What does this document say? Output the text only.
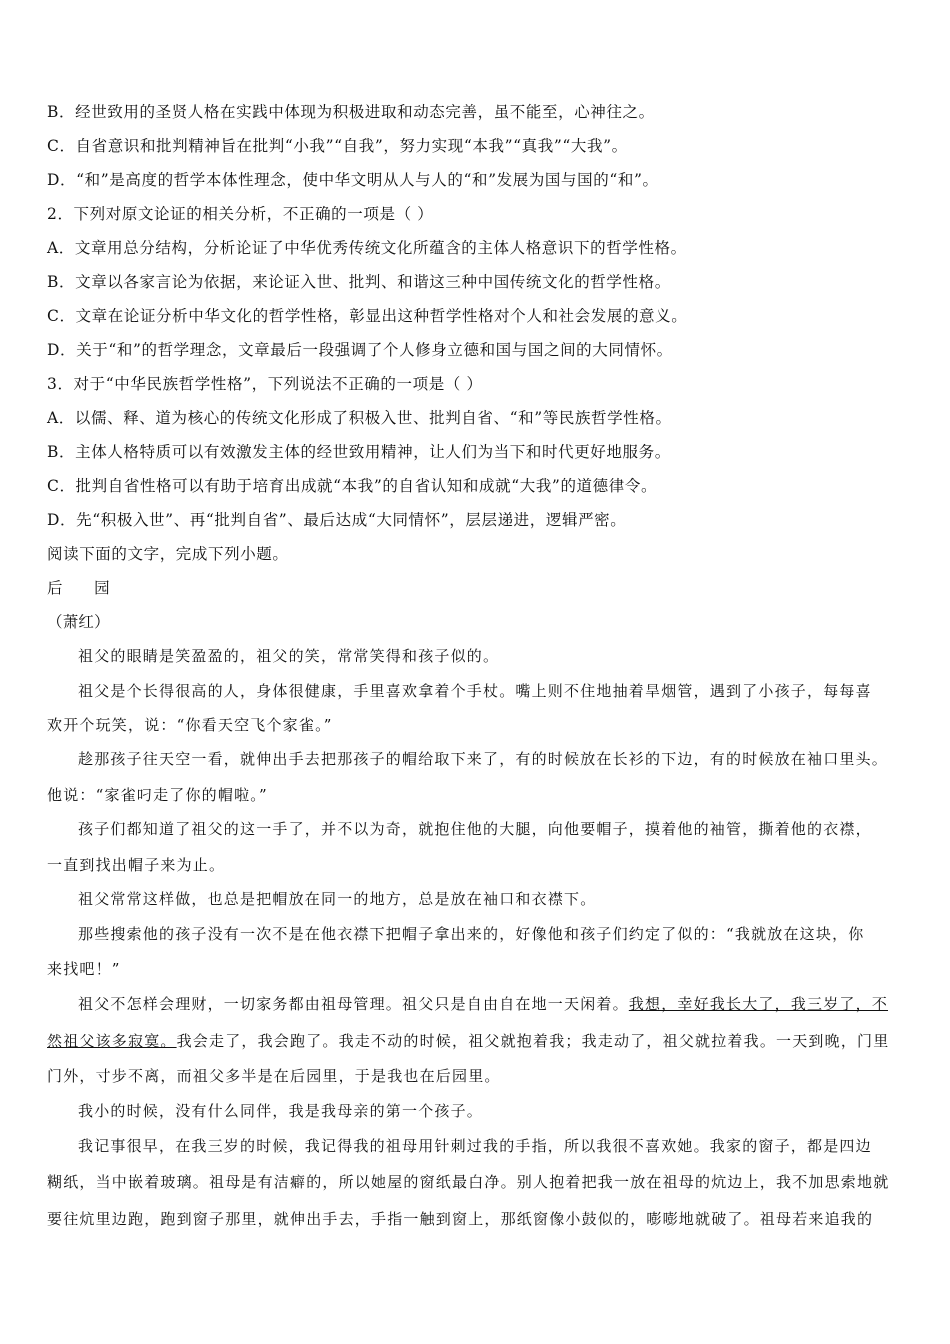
B．经世致用的圣贤人格在实践中体现为积极进取和动态完善，虽不能至，心神往之。
C．自省意识和批判精神旨在批判“小我”“自我”，努力实现“本我”“真我”“大我”。
D．“和”是高度的哲学本体性理念，使中华文明从人与人的“和”发展为国与国的“和”。
2．下列对原文论证的相关分析，不正确的一项是（ ）
A．文章用总分结构，分析论证了中华优秀传统文化所蕴含的主体人格意识下的哲学性格。
B．文章以各家言论为依据，来论证入世、批判、和谐这三种中国传统文化的哲学性格。
C．文章在论证分析中华文化的哲学性格，彰显出这种哲学性格对个人和社会发展的意义。
D．关于“和”的哲学理念，文章最后一段强调了个人修身立德和国与国之间的大同情怀。
3．对于“中华民族哲学性格”，下列说法不正确的一项是（ ）
A．以儒、释、道为核心的传统文化形成了积极入世、批判自省、“和”等民族哲学性格。
B．主体人格特质可以有效激发主体的经世致用精神，让人们为当下和时代更好地服务。
C．批判自省性格可以有助于培育出成就“本我”的自省认知和成就“大我”的道德律令。
D．先“积极入世”、再“批判自省”、最后达成“大同情怀”，层层递进，逻辑严密。
阅读下面的文字，完成下列小题。
后　　园
（萧红）
祖父的眼睛是笑盈盈的，祖父的笑，常常笑得和孩子似的。
祖父是个长得很高的人，身体很健康，手里喜欢拿着个手杖。嘴上则不住地抽着旱烟管，遇到了小孩子，每每喜
欢开个玩笑，说：“你看天空飞个家雀。”
趁那孩子往天空一看，就伸出手去把那孩子的帽给取下来了，有的时候放在长衫的下边，有的时候放在袖口里头。
他说：“家雀叼走了你的帽啦。”
孩子们都知道了祖父的这一手了，并不以为奇，就抱住他的大腿，向他要帽子，摸着他的袖管，撕着他的衣襟，
一直到找出帽子来为止。
祖父常常这样做，也总是把帽放在同一的地方，总是放在袖口和衣襟下。
那些搜索他的孩子没有一次不是在他衣襟下把帽子拿出来的，好像他和孩子们约定了似的：“我就放在这块，你
来找吧！”
祖父不怎样会理财，一切家务都由祖母管理。祖父只是自由自在地一天闲着。我想，幸好我长大了，我三岁了，不
然祖父该多寂寞。我会走了，我会跑了。我走不动的时候，祖父就抱着我；我走动了，祖父就拉着我。一天到晚，门里
门外，寸步不离，而祖父多半是在后园里，于是我也在后园里。
我小的时候，没有什么同伴，我是我母亲的第一个孩子。
我记事很早，在我三岁的时候，我记得我的祖母用针刺过我的手指，所以我很不喜欢她。我家的窗子，都是四边
糊纸，当中嵌着玻璃。祖母是有洁癖的，所以她屋的窗纸最白净。别人抱着把我一放在祖母的炕边上，我不加思索地就
要往炕里边跑，跑到窗子那里，就伸出手去，手指一触到窗上，那纸窗像小鼓似的，嘭嘭地就破了。祖母若来追我的
